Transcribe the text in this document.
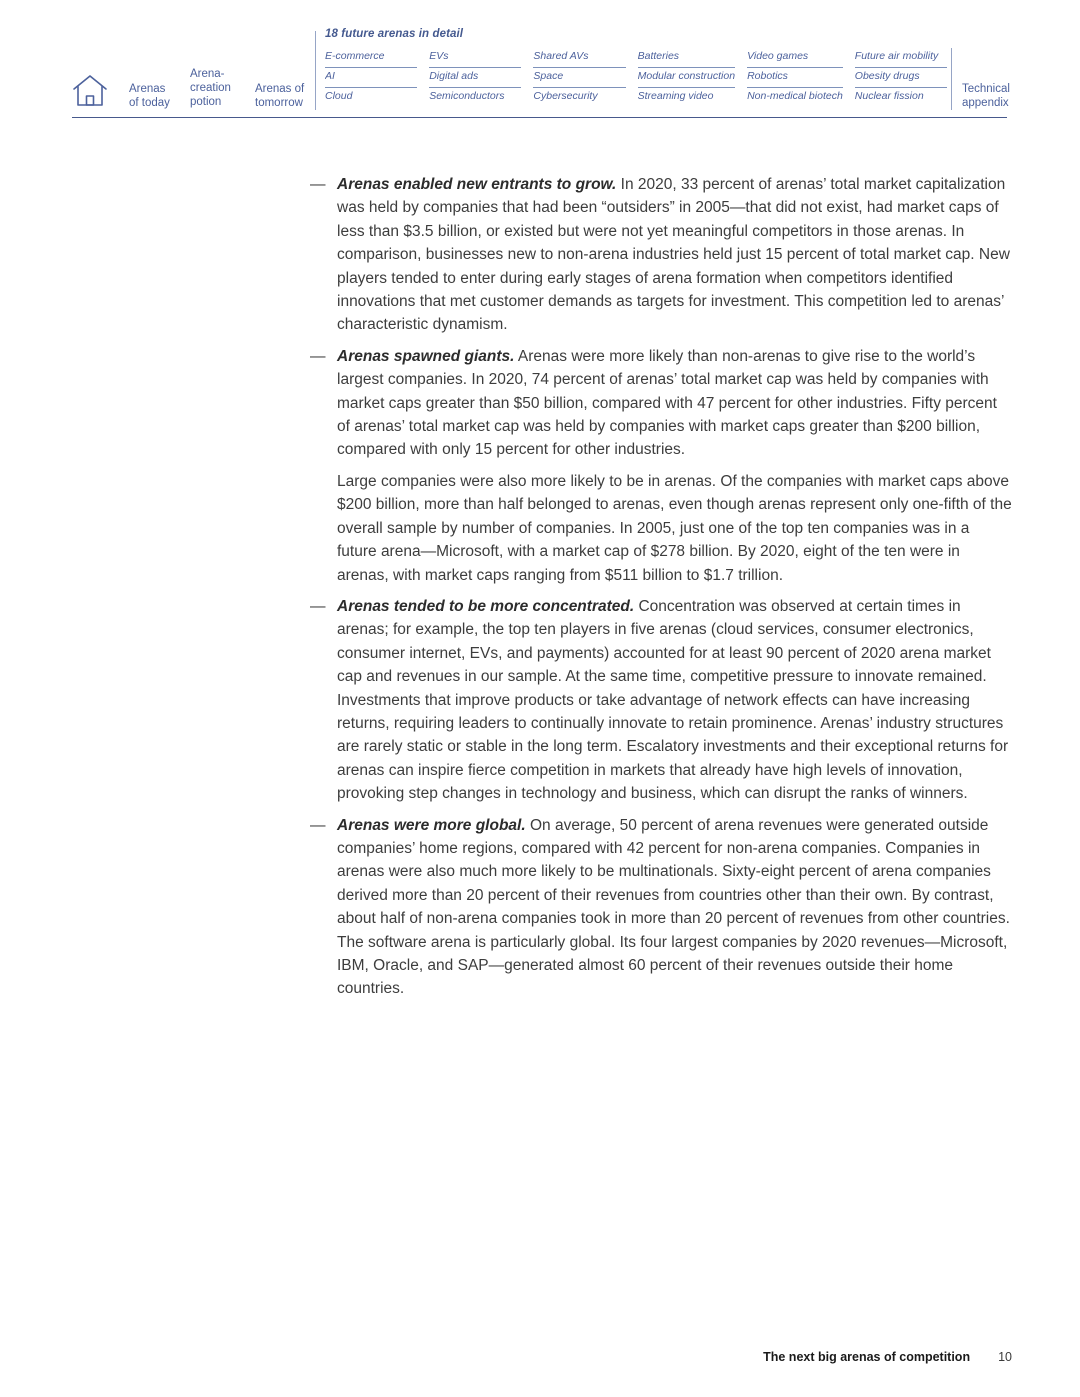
Arenas of today
Arena-creation potion
Arenas of tomorrow
18 future arenas in detail
E-commerce
AI
Cloud
EVs
Digital ads
Semiconductors
Shared AVs
Space
Cybersecurity
Batteries
Modular construction
Streaming video
Video games
Robotics
Non-medical biotech
Future air mobility
Obesity drugs
Nuclear fission
Technical appendix
— Arenas enabled new entrants to grow. In 2020, 33 percent of arenas’ total market capitalization was held by companies that had been “outsiders” in 2005—that did not exist, had market caps of less than $3.5 billion, or existed but were not yet meaningful competitors in those arenas. In comparison, businesses new to non-arena industries held just 15 percent of total market cap. New players tended to enter during early stages of arena formation when competitors identified innovations that met customer demands as targets for investment. This competition led to arenas’ characteristic dynamism.

— Arenas spawned giants. Arenas were more likely than non-arenas to give rise to the world’s largest companies. In 2020, 74 percent of arenas’ total market cap was held by companies with market caps greater than $50 billion, compared with 47 percent for other industries. Fifty percent of arenas’ total market cap was held by companies with market caps greater than $200 billion, compared with only 15 percent for other industries.

Large companies were also more likely to be in arenas. Of the companies with market caps above $200 billion, more than half belonged to arenas, even though arenas represent only one-fifth of the overall sample by number of companies. In 2005, just one of the top ten companies was in a future arena—Microsoft, with a market cap of $278 billion. By 2020, eight of the ten were in arenas, with market caps ranging from $511 billion to $1.7 trillion.

— Arenas tended to be more concentrated. Concentration was observed at certain times in arenas; for example, the top ten players in five arenas (cloud services, consumer electronics, consumer internet, EVs, and payments) accounted for at least 90 percent of 2020 arena market cap and revenues in our sample. At the same time, competitive pressure to innovate remained. Investments that improve products or take advantage of network effects can have increasing returns, requiring leaders to continually innovate to retain prominence. Arenas’ industry structures are rarely static or stable in the long term. Escalatory investments and their exceptional returns for arenas can inspire fierce competition in markets that already have high levels of innovation, provoking step changes in technology and business, which can disrupt the ranks of winners.

— Arenas were more global. On average, 50 percent of arena revenues were generated outside companies’ home regions, compared with 42 percent for non-arena companies. Companies in arenas were also much more likely to be multinationals. Sixty-eight percent of arena companies derived more than 20 percent of their revenues from countries other than their own. By contrast, about half of non-arena companies took in more than 20 percent of revenues from other countries. The software arena is particularly global. Its four largest companies by 2020 revenues—Microsoft, IBM, Oracle, and SAP—generated almost 60 percent of their revenues outside their home countries.

The next big arenas of competition 10
